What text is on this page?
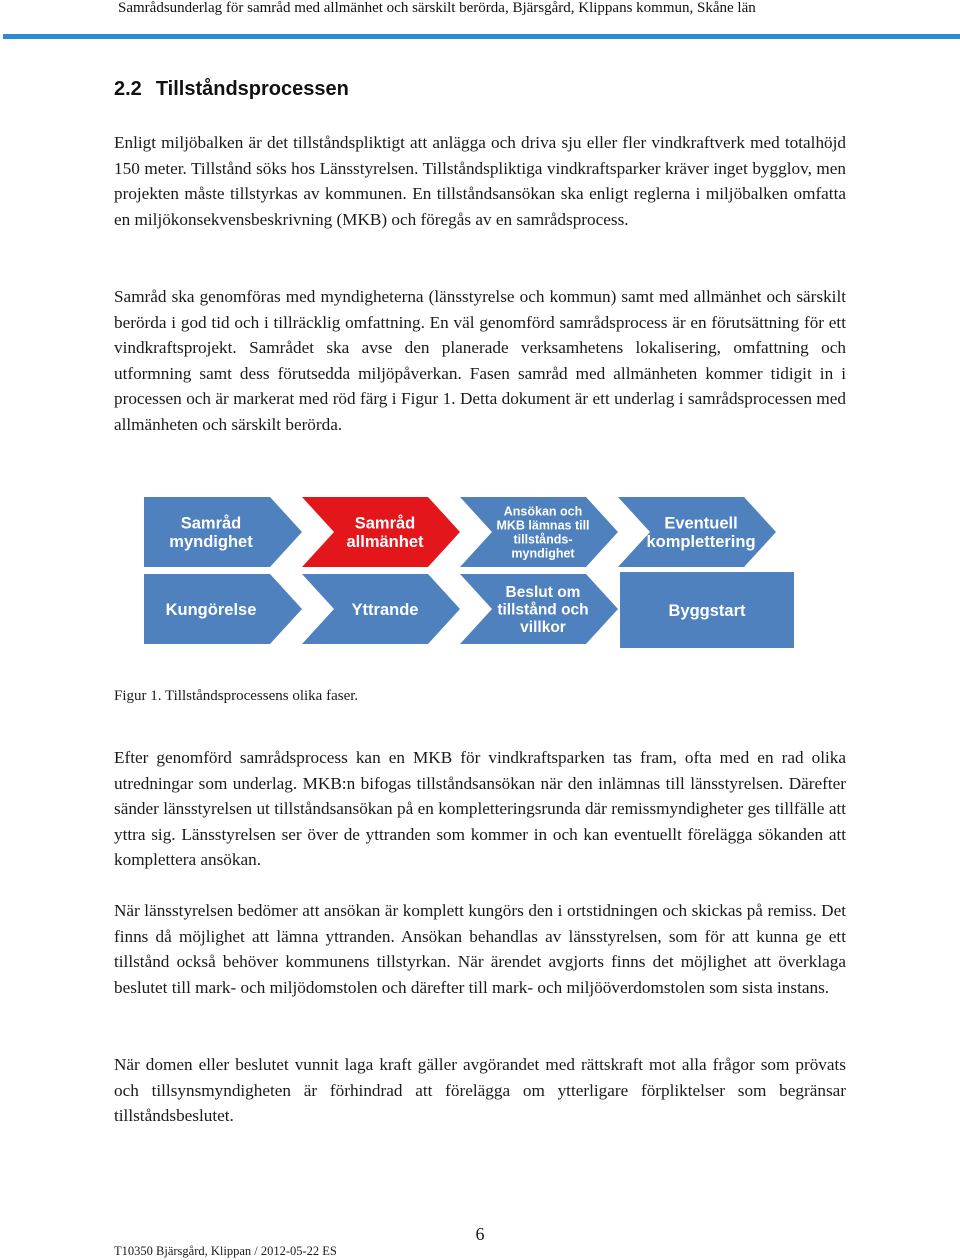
Samrådsunderlag för samråd med allmänhet och särskilt berörda, Bjärsgård, Klippans kommun, Skåne län
2.2 Tillståndsprocessen

Enligt miljöbalken är det tillståndspliktigt att anlägga och driva sju eller fler vindkraftverk med totalhöjd 150 meter. Tillstånd söks hos Länsstyrelsen. Tillståndspliktiga vindkraftsparker kräver inget bygglov, men projekten måste tillstyrkas av kommunen. En tillståndsansökan ska enligt reglerna i miljöbalken omfatta en miljökonsekvensbeskrivning (MKB) och föregås av en samrådsprocess.

Samråd ska genomföras med myndigheterna (länsstyrelse och kommun) samt med allmänhet och särskilt berörda i god tid och i tillräcklig omfattning. En väl genomförd samrådsprocess är en förutsättning för ett vindkraftsprojekt. Samrådet ska avse den planerade verksamhetens lokalisering, omfattning och utformning samt dess förutsedda miljöpåverkan. Fasen samråd med allmänheten kommer tidigit in i processen och är markerat med röd färg i Figur 1. Detta dokument är ett underlag i samrådsprocessen med allmänheten och särskilt berörda.

Samråd
myndighet
Samråd
allmänhet
Ansökan och
MKB lämnas till
tillstånds-
myndighet
Eventuell
komplettering
Kungörelse	Yttrande
Beslut om
tillstånd och
villkor
Byggstart
Figur 1. Tillståndsprocessens olika faser.

Efter genomförd samrådsprocess kan en MKB för vindkraftsparken tas fram, ofta med en rad olika utredningar som underlag. MKB:n bifogas tillståndsansökan när den inlämnas till länsstyrelsen. Därefter sänder länsstyrelsen ut tillståndsansökan på en kompletteringsrunda där remissmyndigheter ges tillfälle att yttra sig. Länsstyrelsen ser över de yttranden som kommer in och kan eventuellt förelägga sökanden att komplettera ansökan.

När länsstyrelsen bedömer att ansökan är komplett kungörs den i ortstidningen och skickas på remiss. Det finns då möjlighet att lämna yttranden. Ansökan behandlas av länsstyrelsen, som för att kunna ge ett tillstånd också behöver kommunens tillstyrkan. När ärendet avgjorts finns det möjlighet att överklaga beslutet till mark- och miljödomstolen och därefter till mark- och miljööverdomstolen som sista instans.

När domen eller beslutet vunnit laga kraft gäller avgörandet med rättskraft mot alla frågor som prövats och tillsynsmyndigheten är förhindrad att förelägga om ytterligare förpliktelser som begränsar tillståndsbeslutet.

6
T10350 Bjärsgård, Klippan / 2012-05-22 ES
